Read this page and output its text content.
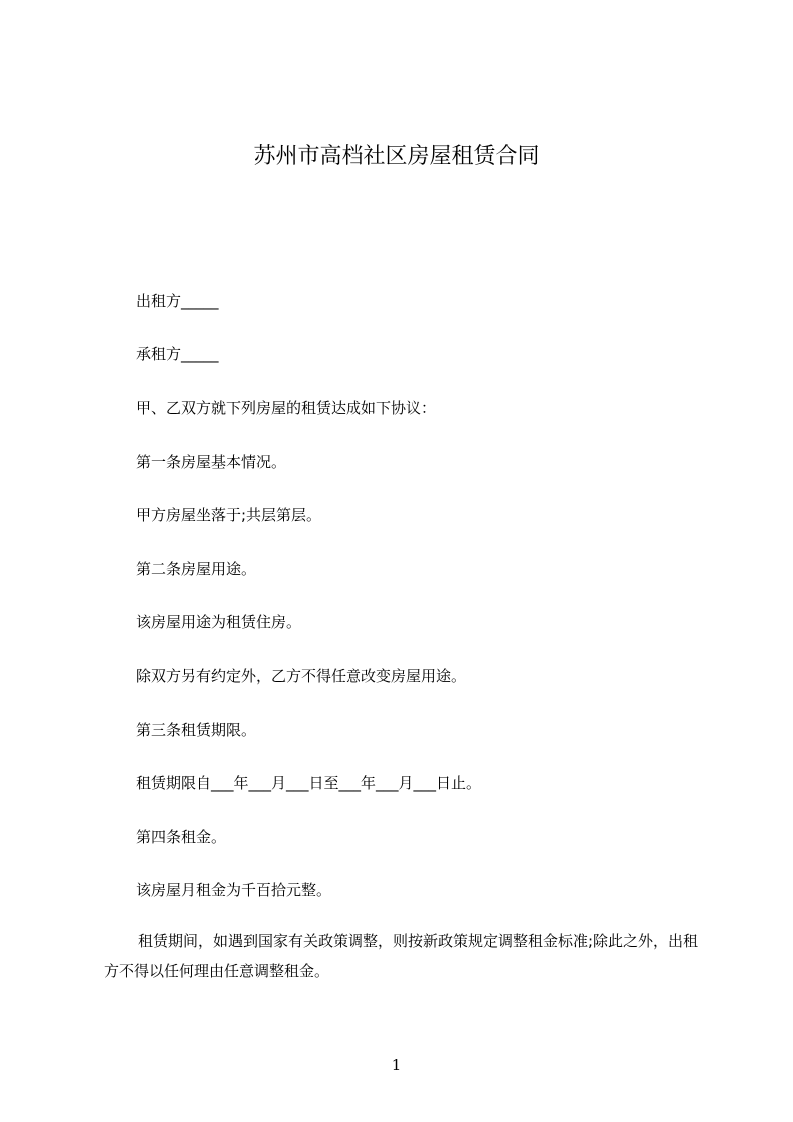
苏州市高档社区房屋租赁合同

出租方_____

承租方_____

甲、乙双方就下列房屋的租赁达成如下协议：

第一条房屋基本情况。

甲方房屋坐落于;共层第层。

第二条房屋用途。

该房屋用途为租赁住房。

除双方另有约定外，乙方不得任意改变房屋用途。

第三条租赁期限。

租赁期限自___年___月___日至___年___月___日止。

第四条租金。

该房屋月租金为千百拾元整。

租赁期间，如遇到国家有关政策调整，则按新政策规定调整租金标准;除此之外，出租方不得以任何理由任意调整租金。

1
